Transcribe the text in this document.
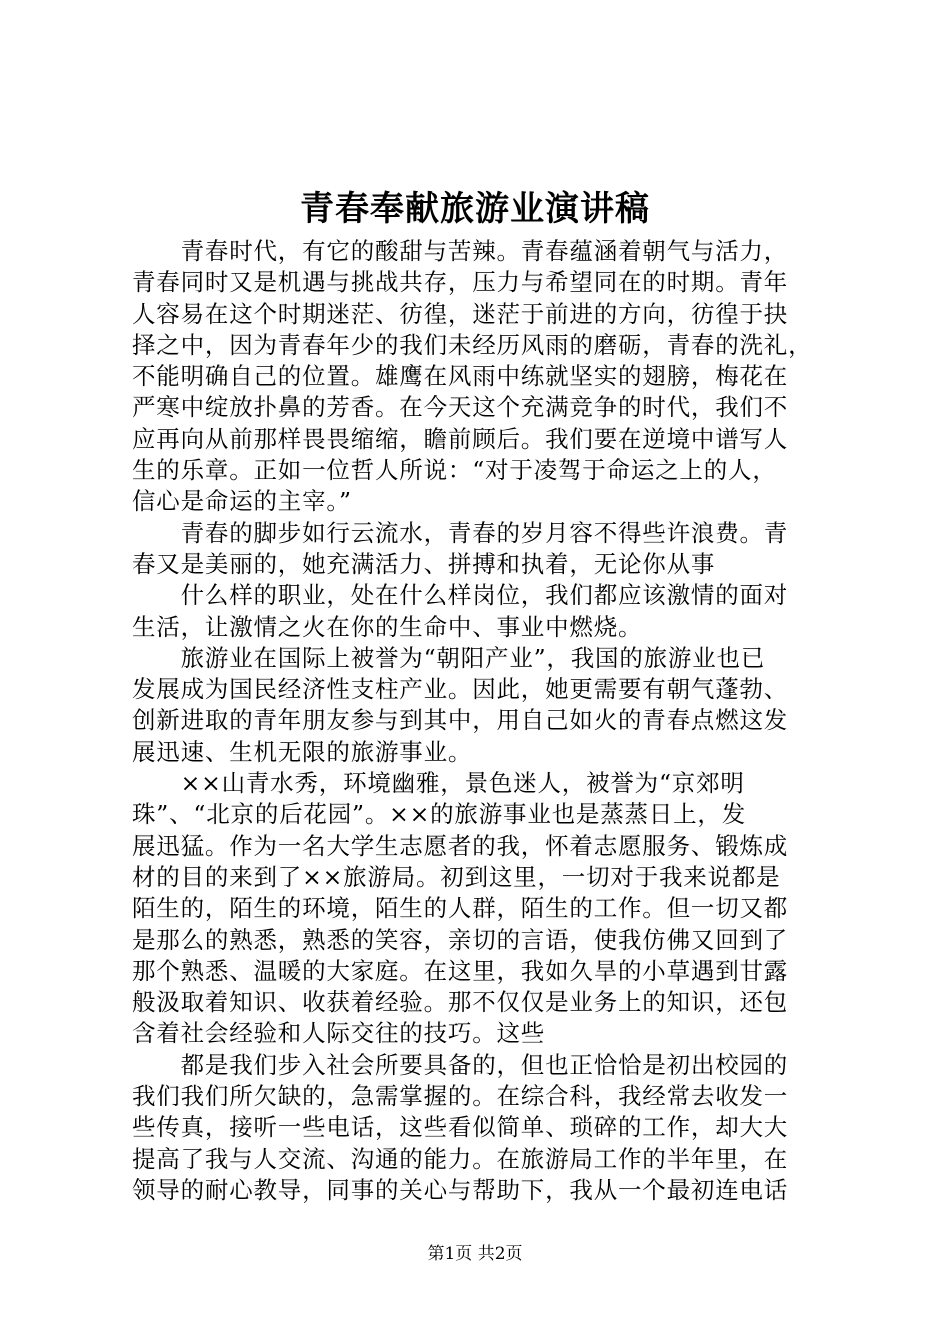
青春奉献旅游业演讲稿
　　青春时代，有它的酸甜与苦辣。青春蕴涵着朝气与活力，
青春同时又是机遇与挑战共存，压力与希望同在的时期。青年
人容易在这个时期迷茫、彷徨，迷茫于前进的方向，彷徨于抉
择之中，因为青春年少的我们未经历风雨的磨砺，青春的洗礼，
不能明确自己的位置。雄鹰在风雨中练就坚实的翅膀，梅花在
严寒中绽放扑鼻的芳香。在今天这个充满竞争的时代，我们不
应再向从前那样畏畏缩缩，瞻前顾后。我们要在逆境中谱写人
生的乐章。正如一位哲人所说：“对于凌驾于命运之上的人，
信心是命运的主宰。”
　　青春的脚步如行云流水，青春的岁月容不得些许浪费。青
春又是美丽的，她充满活力、拼搏和执着，无论你从事
　　什么样的职业，处在什么样岗位，我们都应该激情的面对
生活，让激情之火在你的生命中、事业中燃烧。
　　旅游业在国际上被誉为“朝阳产业”，我国的旅游业也已
发展成为国民经济性支柱产业。因此，她更需要有朝气蓬勃、
创新进取的青年朋友参与到其中，用自己如火的青春点燃这发
展迅速、生机无限的旅游事业。
　　××山青水秀，环境幽雅，景色迷人，被誉为“京郊明
珠”、“北京的后花园”。××的旅游事业也是蒸蒸日上，发
展迅猛。作为一名大学生志愿者的我，怀着志愿服务、锻炼成
材的目的来到了××旅游局。初到这里，一切对于我来说都是
陌生的，陌生的环境，陌生的人群，陌生的工作。但一切又都
是那么的熟悉，熟悉的笑容，亲切的言语，使我仿佛又回到了
那个熟悉、温暖的大家庭。在这里，我如久旱的小草遇到甘露
般汲取着知识、收获着经验。那不仅仅是业务上的知识，还包
含着社会经验和人际交往的技巧。这些
　　都是我们步入社会所要具备的，但也正恰恰是初出校园的
我们我们所欠缺的，急需掌握的。在综合科，我经常去收发一
些传真，接听一些电话，这些看似简单、琐碎的工作，却大大
提高了我与人交流、沟通的能力。在旅游局工作的半年里，在
领导的耐心教导，同事的关心与帮助下，我从一个最初连电话
第1页 共2页
